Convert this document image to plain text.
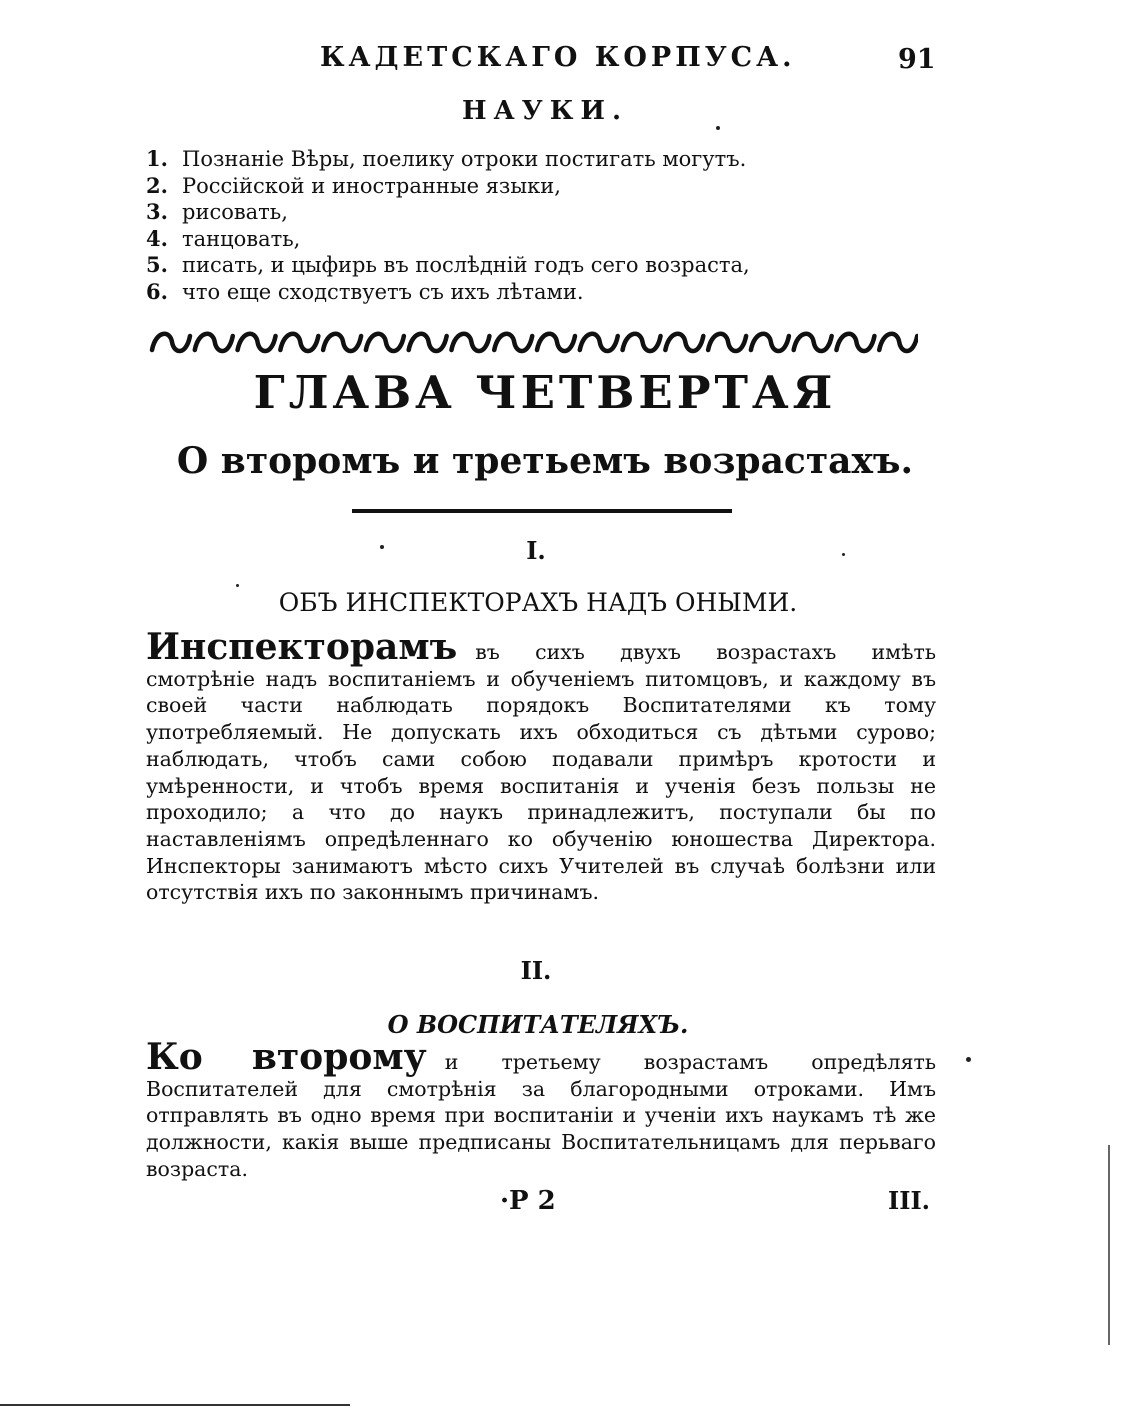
КАДЕТСКАГО КОРПУСА.	91
НАУКИ.
1. Познаніе Вѣры, поелику отроки постигать могутъ.
2. Россійской и иностранные языки,
3. рисовать,
4. танцовать,
5. писать, и цыфирь въ послѣдній годъ сего возраста,
6. что еще сходствуетъ съ ихъ лѣтами.
ГЛАВА ЧЕТВЕРТАЯ
О второмъ и третьемъ возрастахъ.
I.
ОБЪ ИНСПЕКТОРАХЪ НАДЪ ОНЫМИ.

Инспекторамъ въ сихъ двухъ возрастахъ имѣть смотрѣніе надъ воспитаніемъ и обученіемъ питомцовъ, и каждому въ своей части наблюдать порядокъ Воспитателями къ тому употребляемый. Не допускать ихъ обходиться съ дѣтьми сурово; наблюдать, чтобъ сами собою подавали примѣръ кротости и умѣренности, и чтобъ время воспитанія и ученія безъ пользы не проходило; а что до наукъ принадлежитъ, поступали бы по наставленіямъ опредѣленнаго ко обученію юношества Директора. Инспекторы занимаютъ мѣсто сихъ Учителей въ случаѣ болѣзни или отсутствія ихъ по законнымъ причинамъ.

II.
О ВОСПИТАТЕЛЯХЪ.

Ко второму и третьему возрастамъ опредѣлять Воспитателей для смотрѣнія за благородными отроками. Имъ отправлять въ одно время при воспитаніи и ученіи ихъ наукамъ тѣ же должности, какія выше предписаны Воспитательницамъ для перьваго возраста.

·Р 2	III.
